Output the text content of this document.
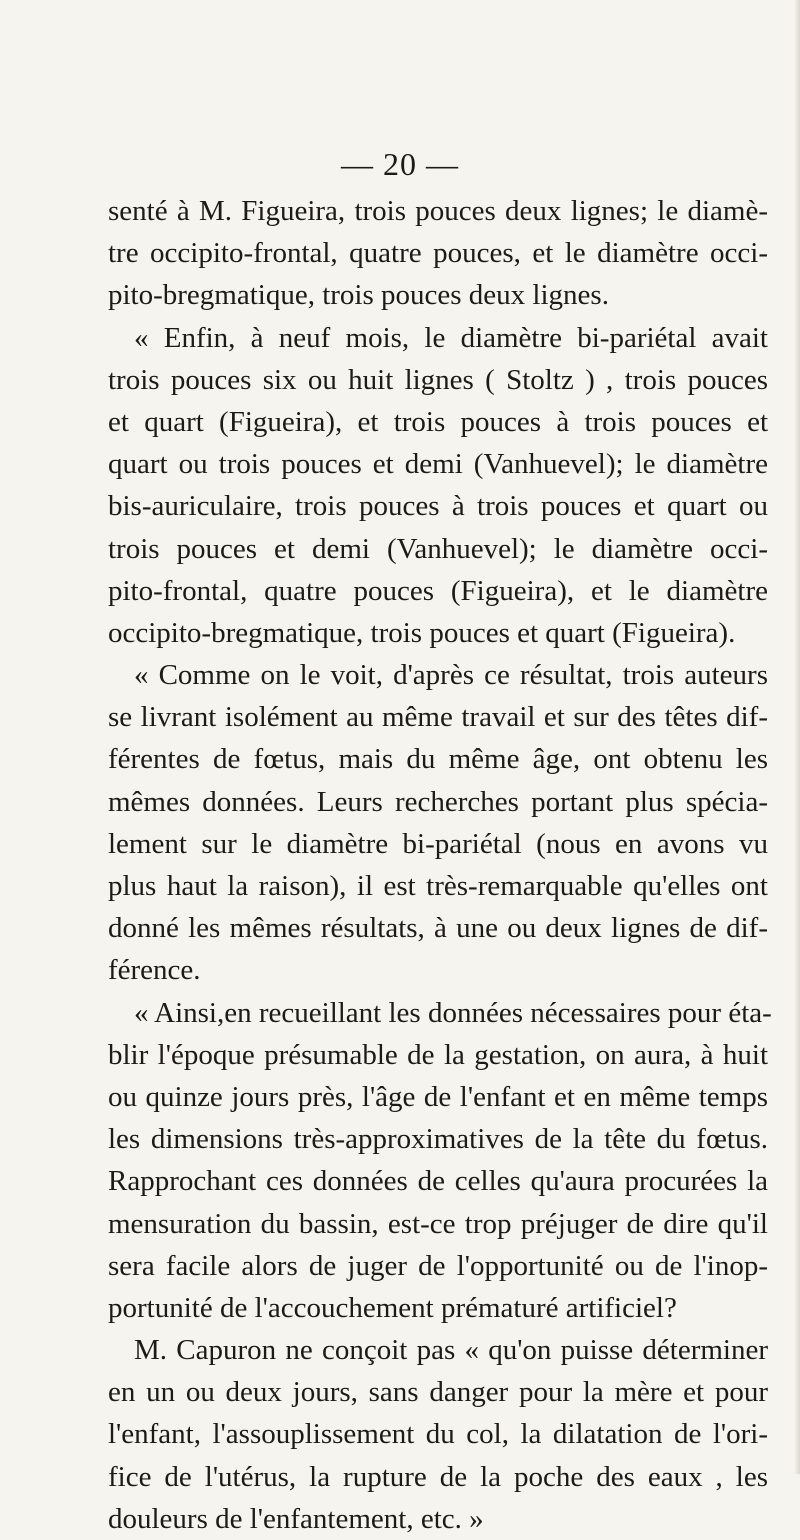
— 20 —
senté à M. Figueira, trois pouces deux lignes; le diamè-
tre occipito-frontal, quatre pouces, et le diamètre occi-
pito-bregmatique, trois pouces deux lignes.
« Enfin, à neuf mois, le diamètre bi-pariétal avait
trois pouces six ou huit lignes ( Stoltz ) , trois pouces
et quart (Figueira), et trois pouces à trois pouces et
quart ou trois pouces et demi (Vanhuevel); le diamètre
bis-auriculaire, trois pouces à trois pouces et quart ou
trois pouces et demi (Vanhuevel); le diamètre occi-
pito-frontal, quatre pouces (Figueira), et le diamètre
occipito-bregmatique, trois pouces et quart (Figueira).
« Comme on le voit, d'après ce résultat, trois auteurs
se livrant isolément au même travail et sur des têtes dif-
férentes de fœtus, mais du même âge, ont obtenu les
mêmes données. Leurs recherches portant plus spécia-
lement sur le diamètre bi-pariétal (nous en avons vu
plus haut la raison), il est très-remarquable qu'elles ont
donné les mêmes résultats, à une ou deux lignes de dif-
férence.
« Ainsi,en recueillant les données nécessaires pour éta-
blir l'époque présumable de la gestation, on aura, à huit
ou quinze jours près, l'âge de l'enfant et en même temps
les dimensions très-approximatives de la tête du fœtus.
Rapprochant ces données de celles qu'aura procurées la
mensuration du bassin, est-ce trop préjuger de dire qu'il
sera facile alors de juger de l'opportunité ou de l'inop-
portunité de l'accouchement prématuré artificiel?
M. Capuron ne conçoit pas « qu'on puisse déterminer
en un ou deux jours, sans danger pour la mère et pour
l'enfant, l'assouplissement du col, la dilatation de l'ori-
fice de l'utérus, la rupture de la poche des eaux , les
douleurs de l'enfantement, etc. »
